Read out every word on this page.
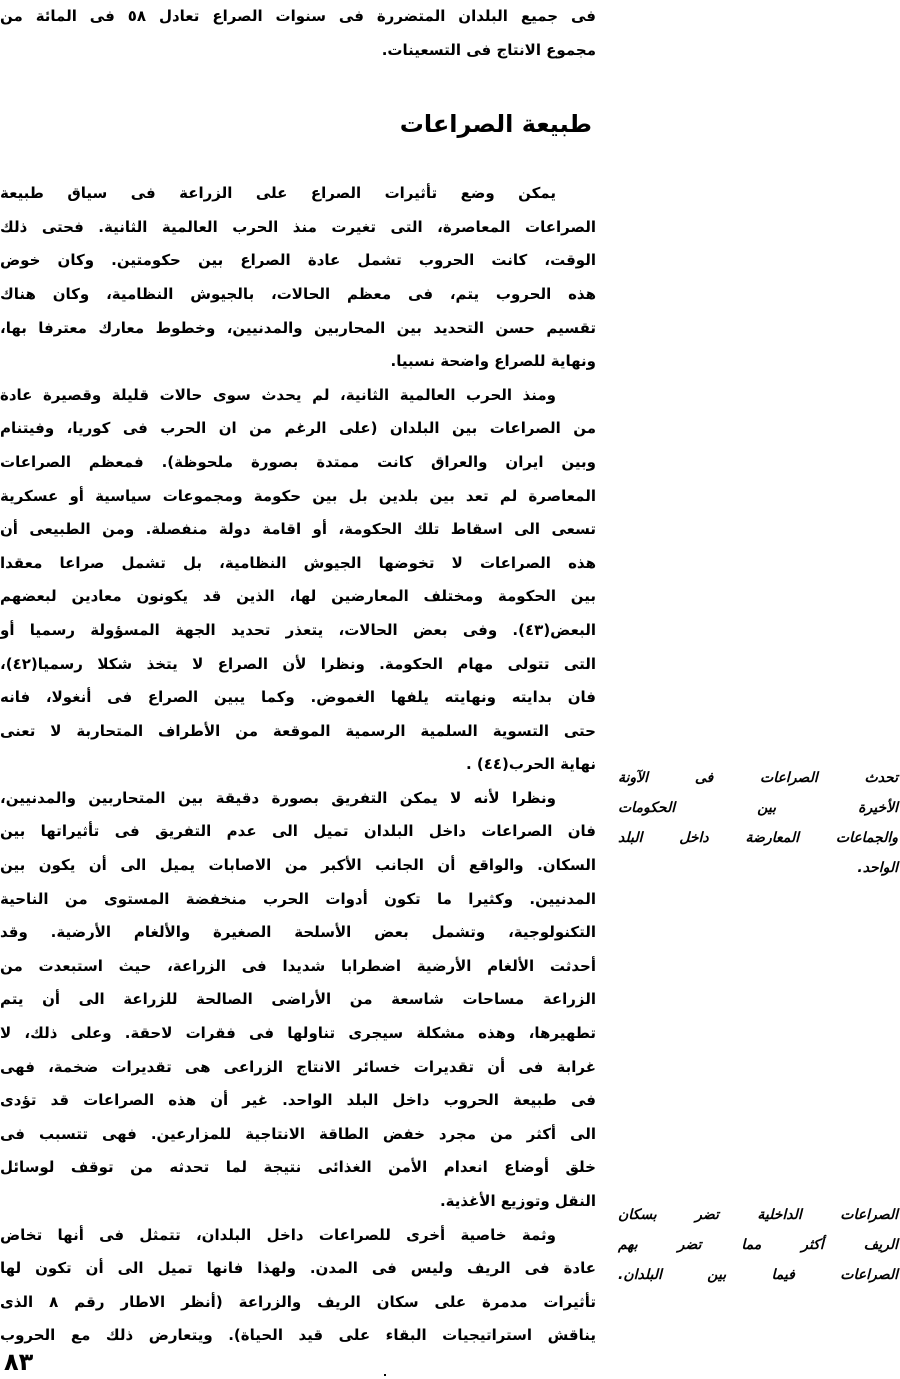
فى جميع البلدان المتضررة فى سنوات الصراع تعادل ٥٨ فى المائة من
مجموع الانتاج فى التسعينات.
طبيعة الصراعات
يمكن وضع تأثيرات الصراع على الزراعة فى سياق طبيعة
الصراعات المعاصرة، التى تغيرت منذ الحرب العالمية الثانية. فحتى ذلك
الوقت، كانت الحروب تشمل عادة الصراع بين حكومتين. وكان خوض
هذه الحروب يتم، فى معظم الحالات، بالجيوش النظامية، وكان هناك
تقسيم حسن التحديد بين المحاربين والمدنيين، وخطوط معارك معترفا بها،
ونهاية للصراع واضحة نسبيا.
ومنذ الحرب العالمية الثانية، لم يحدث سوى حالات قليلة وقصيرة عادة
من الصراعات بين البلدان (على الرغم من ان الحرب فى كوريا، وفيتنام
وبين ايران والعراق كانت ممتدة بصورة ملحوظة). فمعظم الصراعات
المعاصرة لم تعد بين بلدين بل بين حكومة ومجموعات سياسية أو عسكرية
تسعى الى اسقاط تلك الحكومة، أو اقامة دولة منفصلة. ومن الطبيعى أن
هذه الصراعات لا تخوضها الجيوش النظامية، بل تشمل صراعا معقدا
بين الحكومة ومختلف المعارضين لها، الذين قد يكونون معادين لبعضهم
البعض(٤٣). وفى بعض الحالات، يتعذر تحديد الجهة المسؤولة رسميا أو
التى تتولى مهام الحكومة. ونظرا لأن الصراع لا يتخذ شكلا رسميا(٤٢)،
فان بدايته ونهايته يلفها الغموض. وكما يبين الصراع فى أنغولا، فانه
حتى التسوية السلمية الرسمية الموقعة من الأطراف المتحاربة لا تعنى
نهاية الحرب(٤٤) .
ونظرا لأنه لا يمكن التفريق بصورة دقيقة بين المتحاربين والمدنيين،
فان الصراعات داخل البلدان تميل الى عدم التفريق فى تأثيراتها بين
السكان. والواقع أن الجانب الأكبر من الاصابات يميل الى أن يكون بين
المدنيين. وكثيرا ما تكون أدوات الحرب منخفضة المستوى من الناحية
التكنولوجية، وتشمل بعض الأسلحة الصغيرة والألغام الأرضية. وقد
أحدثت الألغام الأرضية اضطرابا شديدا فى الزراعة، حيث استبعدت من
الزراعة مساحات شاسعة من الأراضى الصالحة للزراعة الى أن يتم
تطهيرها، وهذه مشكلة سيجرى تناولها فى فقرات لاحقة. وعلى ذلك، لا
غرابة فى أن تقديرات خسائر الانتاج الزراعى هى تقديرات ضخمة، فهى
فى طبيعة الحروب داخل البلد الواحد. غير أن هذه الصراعات قد تؤدى
الى أكثر من مجرد خفض الطاقة الانتاجية للمزارعين. فهى تتسبب فى
خلق أوضاع انعدام الأمن الغذائى نتيجة لما تحدثه من توقف لوسائل
النقل وتوزيع الأغذية.
وثمة خاصية أخرى للصراعات داخل البلدان، تتمثل فى أنها تخاض
عادة فى الريف وليس فى المدن. ولهذا فانها تميل الى أن تكون لها
تأثيرات مدمرة على سكان الريف والزراعة (أنظر الاطار رقم ٨ الذى
يناقش استراتيجيات البقاء على قيد الحياة). ويتعارض ذلك مع الحروب
تحدث الصراعات فى الآونة
الأخيرة بين الحكومات
والجماعات المعارضة داخل البلد
الواحد.
الصراعات الداخلية تضر بسكان
الريف أكثر مما تضر بهم
الصراعات فيما بين البلدان.
٨٣
